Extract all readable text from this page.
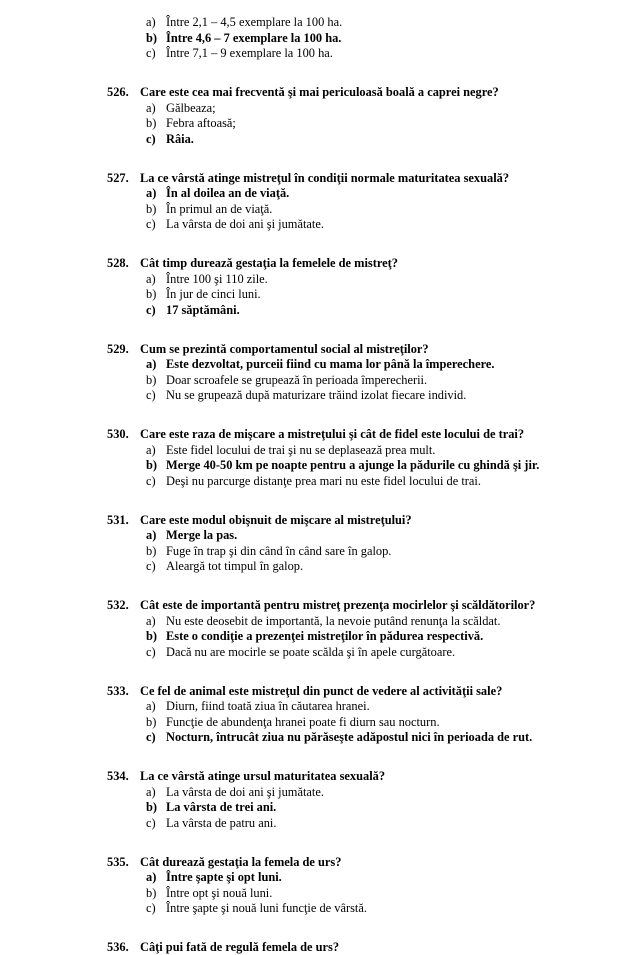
a) Între 2,1 – 4,5 exemplare la 100 ha.
b) Între 4,6 – 7 exemplare la 100 ha.
c) Între 7,1 – 9 exemplare la 100 ha.
526. Care este cea mai frecventă şi mai periculoasă boală a caprei negre?
a) Gălbeaza;
b) Febra aftoasă;
c) Râia.
527. La ce vârstă atinge mistreţul în condiţii normale maturitatea sexuală?
a) În al doilea an de viaţă.
b) În primul an de viaţă.
c) La vârsta de doi ani şi jumătate.
528. Cât timp durează gestaţia la femelele de mistreţ?
a) Între 100 şi 110 zile.
b) În jur de cinci luni.
c) 17 săptămâni.
529. Cum se prezintă comportamentul social al mistreţilor?
a) Este dezvoltat, purceii fiind cu mama lor până la împerechere.
b) Doar scroafele se grupează în perioada împerecherii.
c) Nu se grupează după maturizare trăind izolat fiecare individ.
530. Care este raza de mişcare a mistreţului şi cât de fidel este locului de trai?
a) Este fidel locului de trai şi nu se deplasează prea mult.
b) Merge 40-50 km pe noapte pentru a ajunge la pădurile cu ghindă şi jir.
c) Deşi nu parcurge distanţe prea mari nu este fidel locului de trai.
531. Care este modul obişnuit de mişcare al mistreţului?
a) Merge la pas.
b) Fuge în trap şi din când în când sare în galop.
c) Aleargă tot timpul în galop.
532. Cât este de importantă pentru mistreţ prezenţa mocirlelor şi scăldătorilor?
a) Nu este deosebit de importantă, la nevoie putând renunţa la scăldat.
b) Este o condiţie a prezenţei mistreţilor în pădurea respectivă.
c) Dacă nu are mocirle se poate scălda şi în apele curgătoare.
533. Ce fel de animal este mistreţul din punct de vedere al activităţii sale?
a) Diurn, fiind toată ziua în căutarea hranei.
b) Funcţie de abundenţa hranei poate fi diurn sau nocturn.
c) Nocturn, întrucât ziua nu părăseşte adăpostul nici în perioada de rut.
534. La ce vârstă atinge ursul maturitatea sexuală?
a) La vârsta de doi ani şi jumătate.
b) La vârsta de trei ani.
c) La vârsta de patru ani.
535. Cât durează gestaţia la femela de urs?
a) Între şapte şi opt luni.
b) Între opt şi nouă luni.
c) Între şapte şi nouă luni funcţie de vârstă.
536. Câţi pui fată de regulă femela de urs?
